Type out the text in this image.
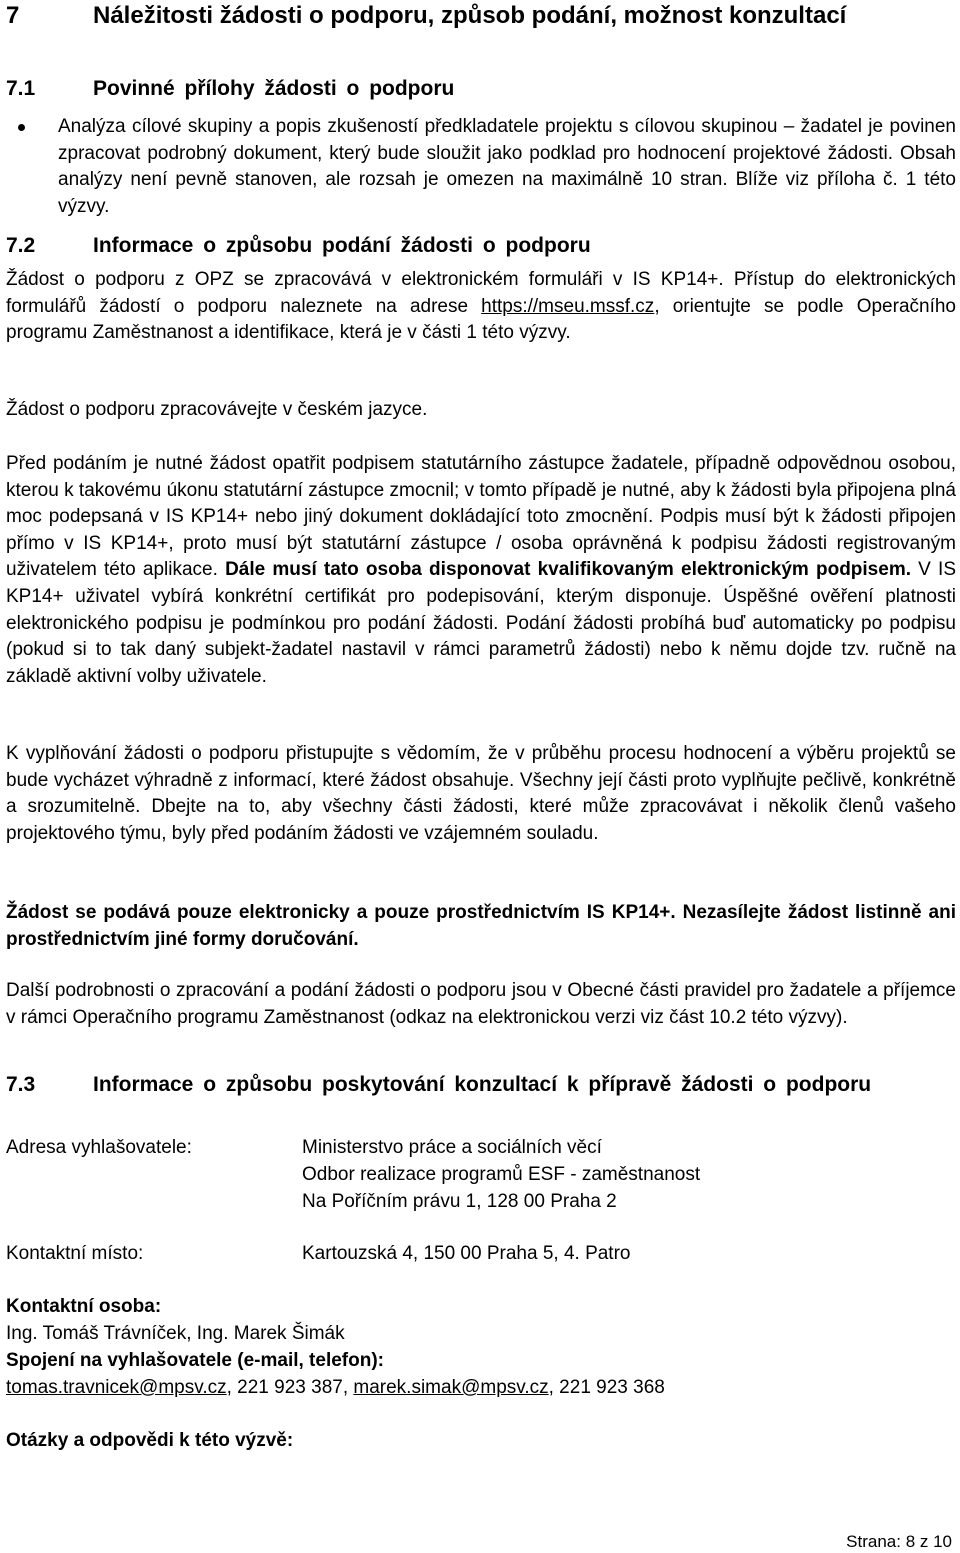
7	Náležitosti žádosti o podporu, způsob podání, možnost konzultací
7.1	Povinné přílohy žádosti o podporu
Analýza cílové skupiny a popis zkušeností předkladatele projektu s cílovou skupinou – žadatel je povinen zpracovat podrobný dokument, který bude sloužit jako podklad pro hodnocení projektové žádosti. Obsah analýzy není pevně stanoven, ale rozsah je omezen na maximálně 10 stran. Blíže viz příloha č. 1 této výzvy.
7.2	Informace o způsobu podání žádosti o podporu
Žádost o podporu z OPZ se zpracovává v elektronickém formuláři v IS KP14+. Přístup do elektronických formulářů žádostí o podporu naleznete na adrese https://mseu.mssf.cz, orientujte se podle Operačního programu Zaměstnanost a identifikace, která je v části 1 této výzvy.
Žádost o podporu zpracovávejte v českém jazyce.
Před podáním je nutné žádost opatřit podpisem statutárního zástupce žadatele, případně odpovědnou osobou, kterou k takovému úkonu statutární zástupce zmocnil; v tomto případě je nutné, aby k žádosti byla připojena plná moc podepsaná v IS KP14+ nebo jiný dokument dokládající toto zmocnění. Podpis musí být k žádosti připojen přímo v IS KP14+, proto musí být statutární zástupce / osoba oprávněná k podpisu žádosti registrovaným uživatelem této aplikace. Dále musí tato osoba disponovat kvalifikovaným elektronickým podpisem. V IS KP14+ uživatel vybírá konkrétní certifikát pro podepisování, kterým disponuje. Úspěšné ověření platnosti elektronického podpisu je podmínkou pro podání žádosti. Podání žádosti probíhá buď automaticky po podpisu (pokud si to tak daný subjekt-žadatel nastavil v rámci parametrů žádosti) nebo k němu dojde tzv. ručně na základě aktivní volby uživatele.
K vyplňování žádosti o podporu přistupujte s vědomím, že v průběhu procesu hodnocení a výběru projektů se bude vycházet výhradně z informací, které žádost obsahuje. Všechny její části proto vyplňujte pečlivě, konkrétně a srozumitelně. Dbejte na to, aby všechny části žádosti, které může zpracovávat i několik členů vašeho projektového týmu, byly před podáním žádosti ve vzájemném souladu.
Žádost se podává pouze elektronicky a pouze prostřednictvím IS KP14+. Nezasílejte žádost listinně ani prostřednictvím jiné formy doručování.
Další podrobnosti o zpracování a podání žádosti o podporu jsou v Obecné části pravidel pro žadatele a příjemce v rámci Operačního programu Zaměstnanost (odkaz na elektronickou verzi viz část 10.2 této výzvy).
7.3	Informace o způsobu poskytování konzultací k přípravě žádosti o podporu
Adresa vyhlašovatele:	Ministerstvo práce a sociálních věcí
Odbor realizace programů ESF - zaměstnanost
Na Poříčním právu 1, 128 00 Praha 2
Kontaktní místo:	Kartouzská 4, 150 00 Praha 5, 4. Patro
Kontaktní osoba:
Ing. Tomáš Trávníček, Ing. Marek Šimák
Spojení na vyhlašovatele (e-mail, telefon):
tomas.travnicek@mpsv.cz, 221 923 387, marek.simak@mpsv.cz, 221 923 368
Otázky a odpovědi k této výzvě:
Strana: 8 z 10
